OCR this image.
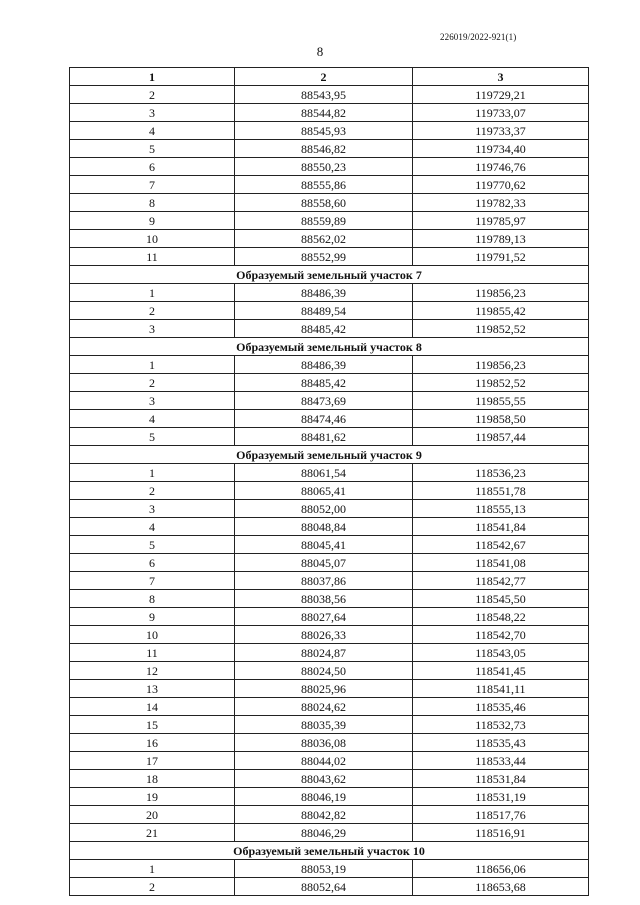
226019/2022-921(1)
8
1	2	3
2	88543,95	119729,21
3	88544,82	119733,07
4	88545,93	119733,37
5	88546,82	119734,40
6	88550,23	119746,76
7	88555,86	119770,62
8	88558,60	119782,33
9	88559,89	119785,97
10	88562,02	119789,13
11	88552,99	119791,52
Образуемый земельный участок 7		
1	88486,39	119856,23
2	88489,54	119855,42
3	88485,42	119852,52
Образуемый земельный участок 8		
1	88486,39	119856,23
2	88485,42	119852,52
3	88473,69	119855,55
4	88474,46	119858,50
5	88481,62	119857,44
Образуемый земельный участок 9		
1	88061,54	118536,23
2	88065,41	118551,78
3	88052,00	118555,13
4	88048,84	118541,84
5	88045,41	118542,67
6	88045,07	118541,08
7	88037,86	118542,77
8	88038,56	118545,50
9	88027,64	118548,22
10	88026,33	118542,70
11	88024,87	118543,05
12	88024,50	118541,45
13	88025,96	118541,11
14	88024,62	118535,46
15	88035,39	118532,73
16	88036,08	118535,43
17	88044,02	118533,44
18	88043,62	118531,84
19	88046,19	118531,19
20	88042,82	118517,76
21	88046,29	118516,91
Образуемый земельный участок 10		
1	88053,19	118656,06
2	88052,64	118653,68
